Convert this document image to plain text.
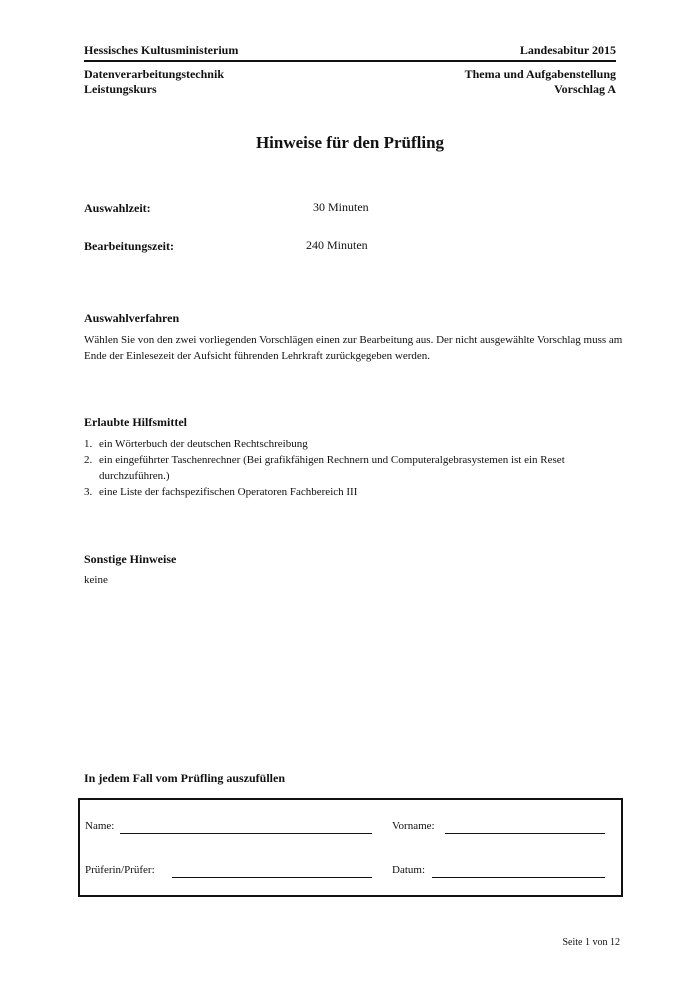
Hessisches Kultusministerium	Landesabitur 2015
Datenverarbeitungstechnik	Thema und Aufgabenstellung
Leistungskurs	Vorschlag A
Hinweise für den Prüfling
Auswahlzeit:	30 Minuten
Bearbeitungszeit:	240 Minuten
Auswahlverfahren
Wählen Sie von den zwei vorliegenden Vorschlägen einen zur Bearbeitung aus. Der nicht ausgewählte Vorschlag muss am Ende der Einlesezeit der Aufsicht führenden Lehrkraft zurückgegeben werden.
Erlaubte Hilfsmittel
1. ein Wörterbuch der deutschen Rechtschreibung
2. ein eingeführter Taschenrechner (Bei grafikfähigen Rechnern und Computeralgebrasystemen ist ein Reset durchzuführen.)
3. eine Liste der fachspezifischen Operatoren Fachbereich III
Sonstige Hinweise
keine
In jedem Fall vom Prüfling auszufüllen
Name:	Vorname:
Prüferin/Prüfer:	Datum:
Seite 1 von 12
